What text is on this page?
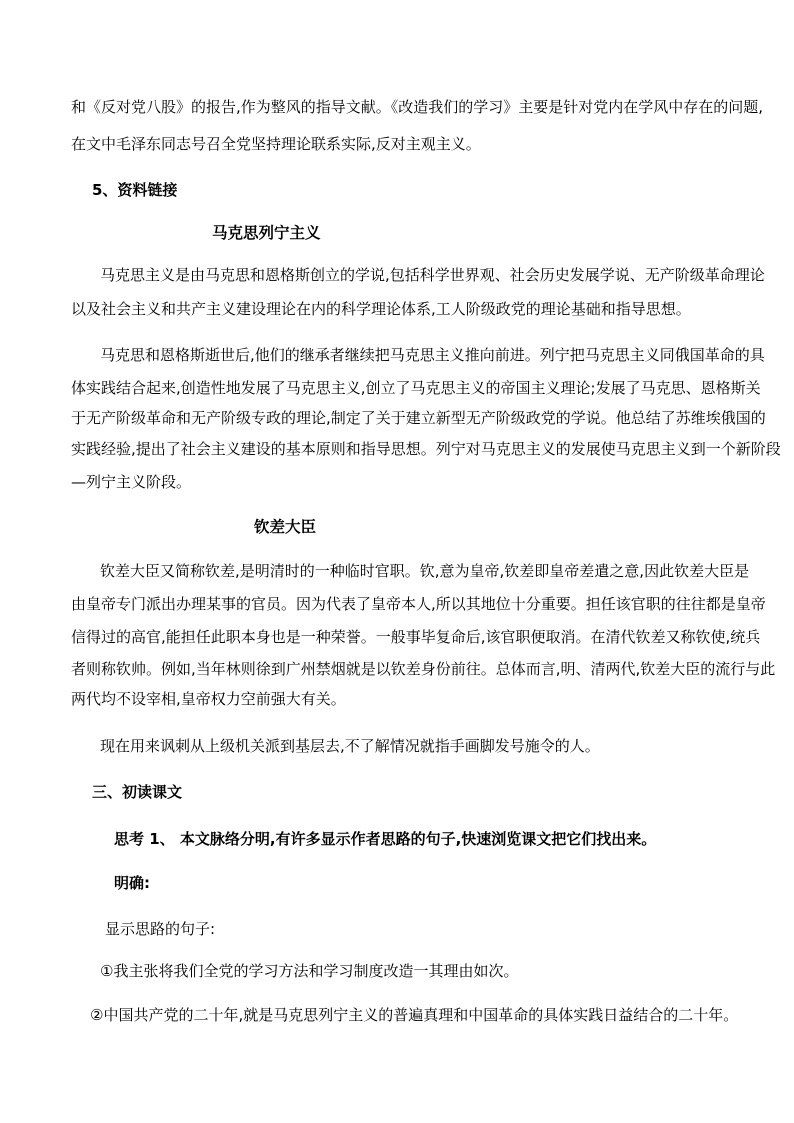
和《反对党八股》的报告,作为整风的指导文献。《改造我们的学习》主要是针对党内在学风中存在的问题,
在文中毛泽东同志号召全党坚持理论联系实际,反对主观主义。
5、资料链接
马克思列宁主义
马克思主义是由马克思和恩格斯创立的学说,包括科学世界观、社会历史发展学说、无产阶级革命理论
以及社会主义和共产主义建设理论在内的科学理论体系,工人阶级政党的理论基础和指导思想。
马克思和恩格斯逝世后,他们的继承者继续把马克思主义推向前进。列宁把马克思主义同俄国革命的具
体实践结合起来,创造性地发展了马克思主义,创立了马克思主义的帝国主义理论;发展了马克思、恩格斯关
于无产阶级革命和无产阶级专政的理论,制定了关于建立新型无产阶级政党的学说。他总结了苏维埃俄国的
实践经验,提出了社会主义建设的基本原则和指导思想。列宁对马克思主义的发展使马克思主义到一个新阶段
—列宁主义阶段。
钦差大臣
钦差大臣又简称钦差,是明清时的一种临时官职。钦,意为皇帝,钦差即皇帝差遣之意,因此钦差大臣是
由皇帝专门派出办理某事的官员。因为代表了皇帝本人,所以其地位十分重要。担任该官职的往往都是皇帝
信得过的高官,能担任此职本身也是一种荣誉。一般事毕复命后,该官职便取消。在清代钦差又称钦使,统兵
者则称钦帅。例如,当年林则徐到广州禁烟就是以钦差身份前往。总体而言,明、清两代,钦差大臣的流行与此
两代均不设宰相,皇帝权力空前强大有关。
现在用来讽刺从上级机关派到基层去,不了解情况就指手画脚发号施令的人。
三、初读课文
思考 1、 本文脉络分明,有许多显示作者思路的句子,快速浏览课文把它们找出来。
明确:
显示思路的句子:
①我主张将我们全党的学习方法和学习制度改造一其理由如次。
②中国共产党的二十年,就是马克思列宁主义的普遍真理和中国革命的具体实践日益结合的二十年。
